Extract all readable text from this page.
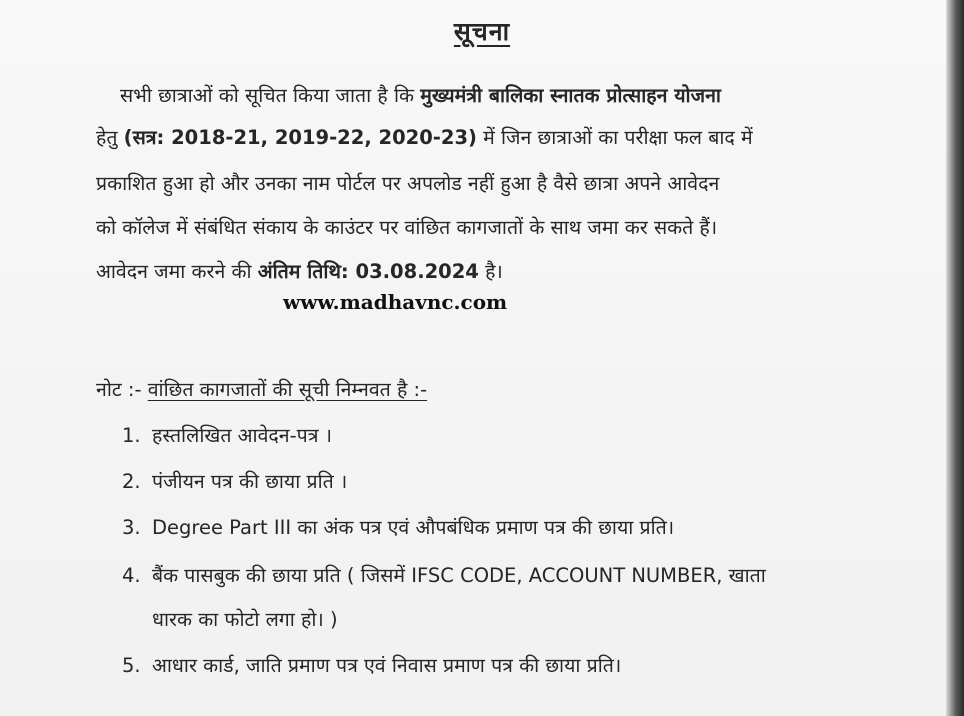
सूचना
सभी छात्राओं को सूचित किया जाता है कि मुख्यमंत्री बालिका स्नातक प्रोत्साहन योजना
हेतु (सत्र: 2018-21, 2019-22, 2020-23) में जिन छात्राओं का परीक्षा फल बाद में
प्रकाशित हुआ हो और उनका नाम पोर्टल पर अपलोड नहीं हुआ है वैसे छात्रा अपने आवेदन
को कॉलेज में संबंधित संकाय के काउंटर पर वांछित कागजातों के साथ जमा कर सकते हैं।
आवेदन जमा करने की अंतिम तिथि: 03.08.2024 है।
www.madhavnc.com
नोट :- वांछित कागजातों की सूची निम्नवत है :-
1. हस्तलिखित आवेदन-पत्र ।
2. पंजीयन पत्र की छाया प्रति ।
3. Degree Part III का अंक पत्र एवं औपबंधिक प्रमाण पत्र की छाया प्रति।
4. बैंक पासबुक की छाया प्रति ( जिसमें IFSC CODE, ACCOUNT NUMBER, खाता
धारक का फोटो लगा हो। )
5. आधार कार्ड, जाति प्रमाण पत्र एवं निवास प्रमाण पत्र की छाया प्रति।
